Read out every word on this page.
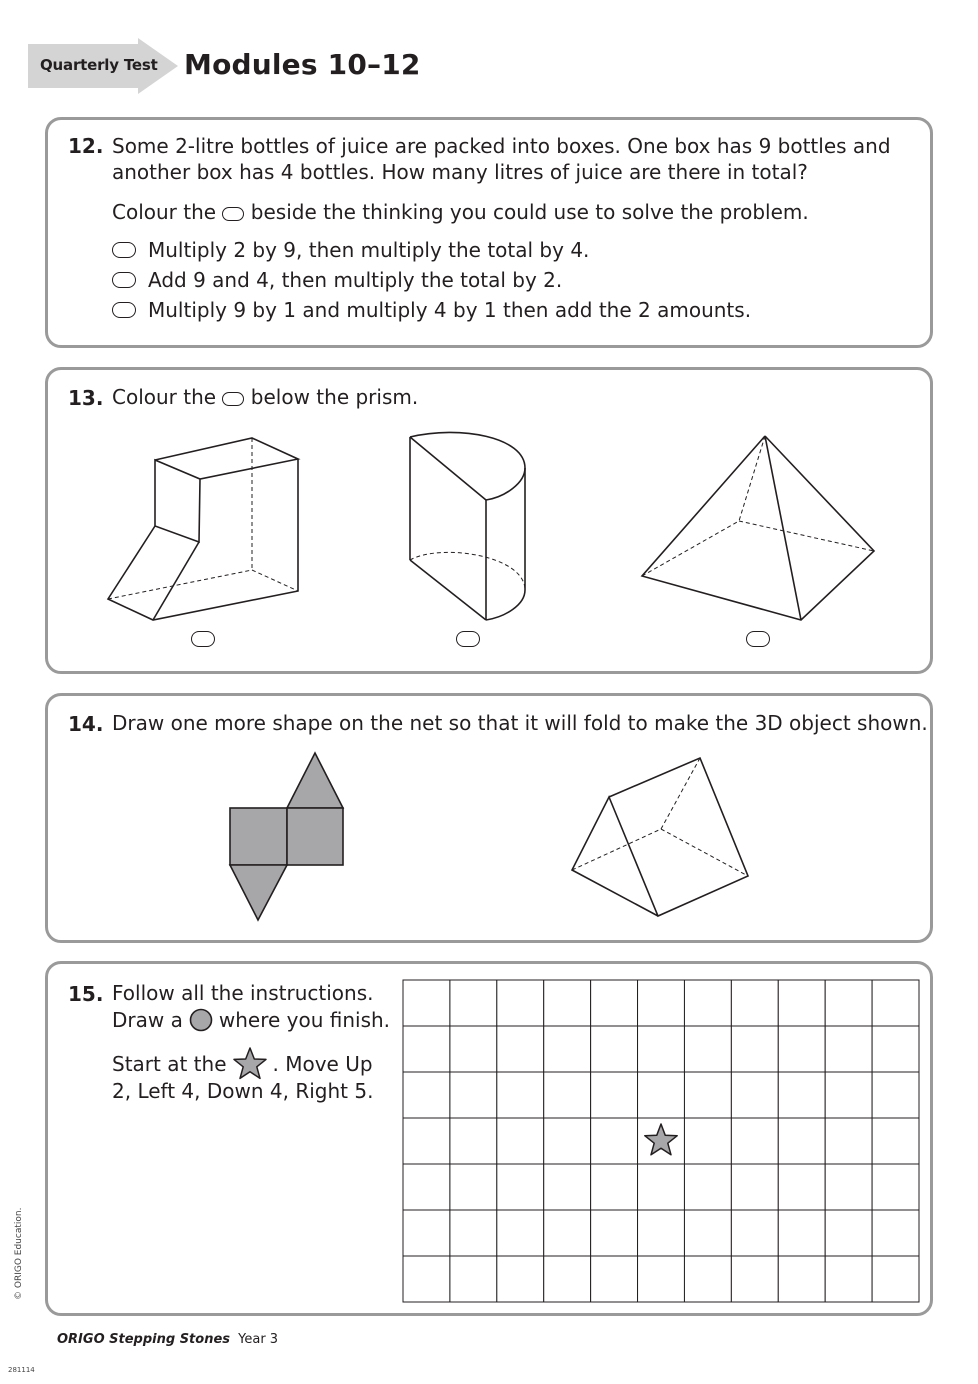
Quarterly Test Modules 10–12
12. Some 2-litre bottles of juice are packed into boxes. One box has 9 bottles and
another box has 4 bottles. How many litres of juice are there in total?
Colour the beside the thinking you could use to solve the problem.
Multiply 2 by 9, then multiply the total by 4.
Add 9 and 4, then multiply the total by 2.
Multiply 9 by 1 and multiply 4 by 1 then add the 2 amounts.
13. Colour the below the prism.
14. Draw one more shape on the net so that it will fold to make the 3D object shown.
15. Follow all the instructions.
Draw a where you finish.
Start at the . Move Up
2, Left 4, Down 4, Right 5.
ORIGO Stepping Stones Year 3
© ORIGO Education.
281114
